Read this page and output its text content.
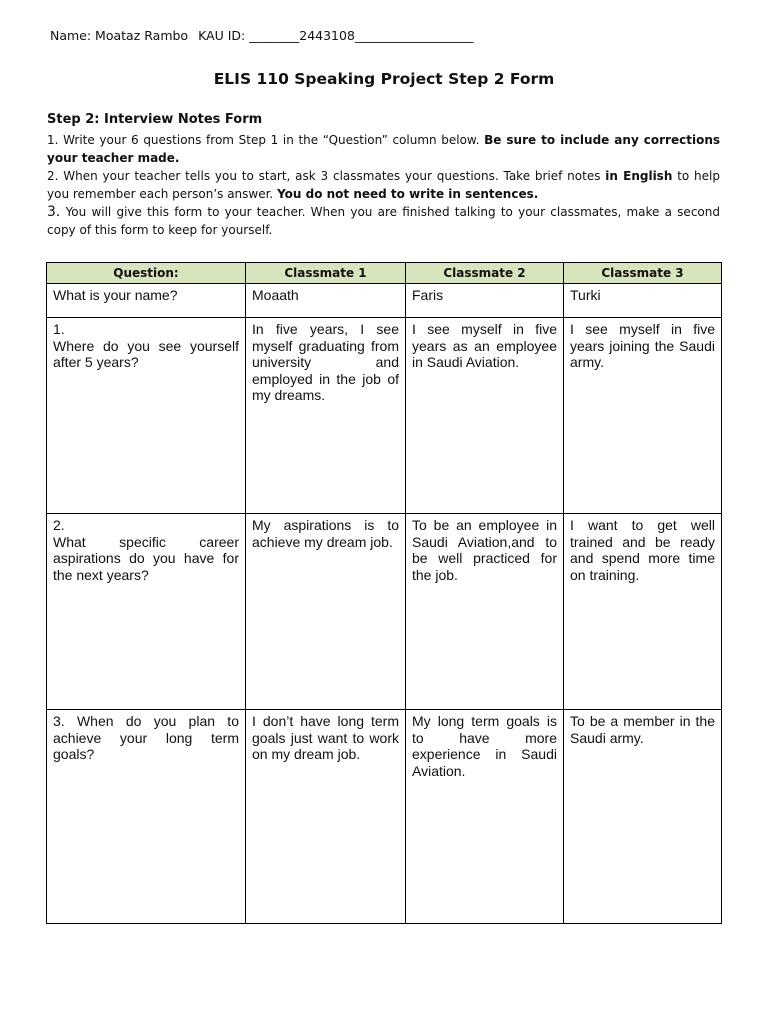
Name: Moataz Rambo KAU ID: ________2443108___________________
ELIS 110 Speaking Project Step 2 Form
Step 2: Interview Notes Form

1. Write your 6 questions from Step 1 in the “Question” column below. Be sure to include any corrections your teacher made.

2. When your teacher tells you to start, ask 3 classmates your questions. Take brief notes in English to help you remember each person’s answer. You do not need to write in sentences.

3. You will give this form to your teacher. When you are finished talking to your classmates, make a second copy of this form to keep for yourself.

Question:	Classmate 1	Classmate 2	Classmate 3
What is your name?	Moaath	Faris	Turki

1.
Where do you see yourself after 5 years?	In five years, I see myself graduating from university and employed in the job of my dreams.	I see myself in five years as an employee in Saudi Aviation.	I see myself in five years joining the Saudi army.

2.
What specific career aspirations do you have for the next years?	My aspirations is to achieve my dream job.	To be an employee in Saudi Aviation,and to be well practiced for the job.	I want to get well trained and be ready and spend more time on training.
3. When do you plan to achieve your long term goals?	I don’t have long term goals just want to work on my dream job.	My long term goals is to have more experience in Saudi Aviation.	To be a member in the Saudi army.
